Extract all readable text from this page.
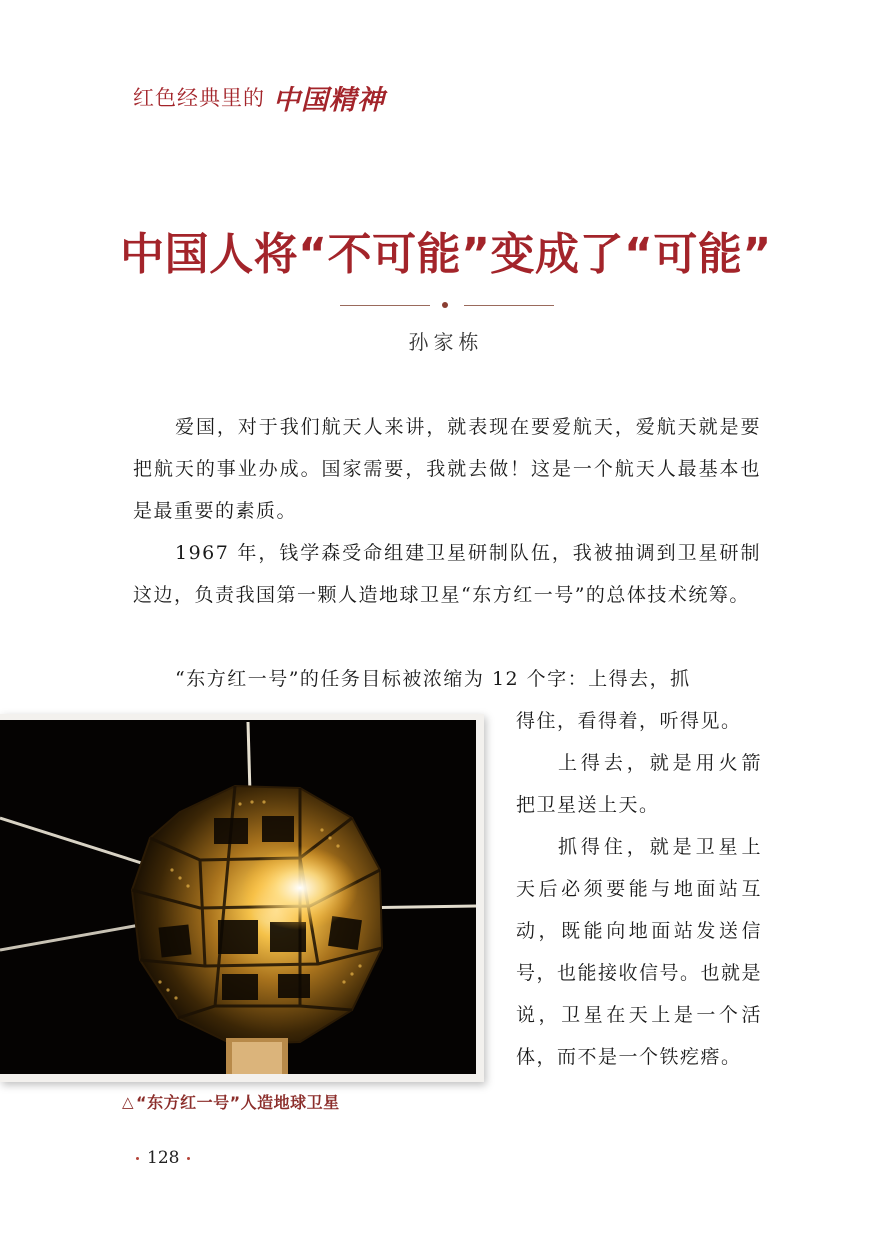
红色经典里的 中国精神
中国人将“不可能”变成了“可能”
孙家栋

爱国，对于我们航天人来讲，就表现在要爱航天，爱航天就是要把航天的事业办成。国家需要，我就去做！这是一个航天人最基本也是最重要的素质。

1967 年，钱学森受命组建卫星研制队伍，我被抽调到卫星研制这边，负责我国第一颗人造地球卫星“东方红一号”的总体技术统筹。

“东方红一号”的任务目标被浓缩为 12 个字：上得去，抓

得住，看得着，听得见。

上得去，就是用火箭把卫星送上天。

抓得住，就是卫星上天后必须要能与地面站互动，既能向地面站发送信号，也能接收信号。也就是说，卫星在天上是一个活体，而不是一个铁疙瘩。

△ “东方红一号”人造地球卫星
128
